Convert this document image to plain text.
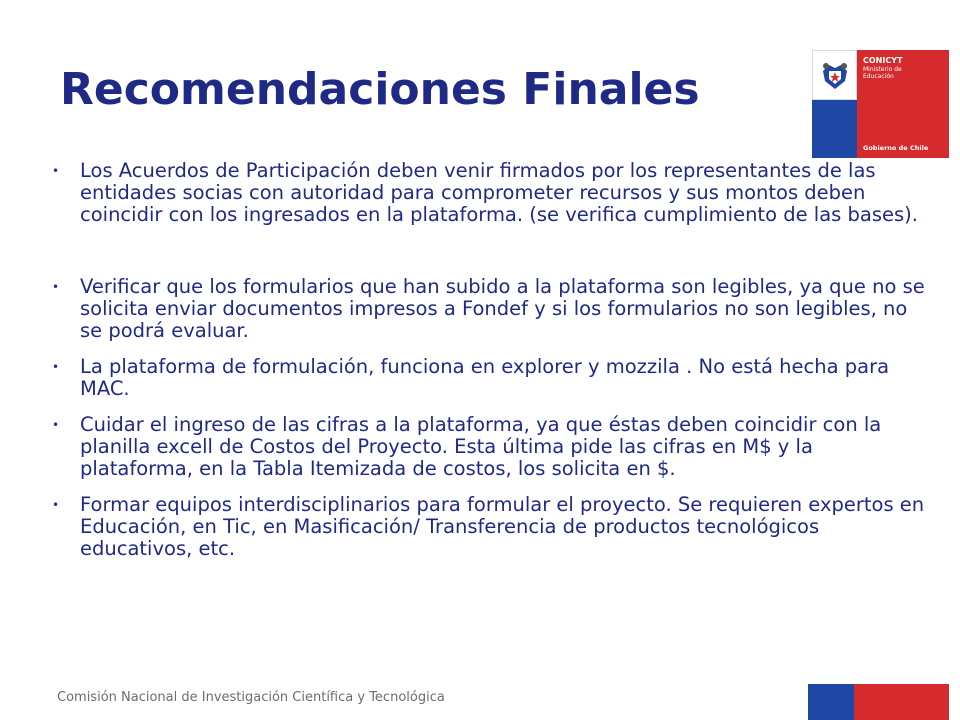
Recomendaciones Finales
CONICYT
Ministerio de Educación
Gobierno de Chile
• Los Acuerdos de Participación deben venir firmados por los representantes de las entidades socias con autoridad para comprometer recursos y sus montos deben coincidir con los ingresados en la plataforma. (se verifica cumplimiento de las bases).
• Verificar que los formularios que han subido a la plataforma son legibles, ya que no se solicita enviar documentos impresos a Fondef y si los formularios no son legibles, no se podrá evaluar.
• La plataforma de formulación, funciona en explorer y mozzila . No está hecha para MAC.
• Cuidar el ingreso de las cifras a la plataforma, ya que éstas deben coincidir con la planilla excell de Costos del Proyecto. Esta última pide las cifras en M$ y la plataforma, en la Tabla Itemizada de costos, los solicita en $.
• Formar equipos interdisciplinarios para formular el proyecto. Se requieren expertos en Educación, en Tic, en Masificación/ Transferencia de productos tecnológicos educativos, etc.
Comisión Nacional de Investigación Científica y Tecnológica
